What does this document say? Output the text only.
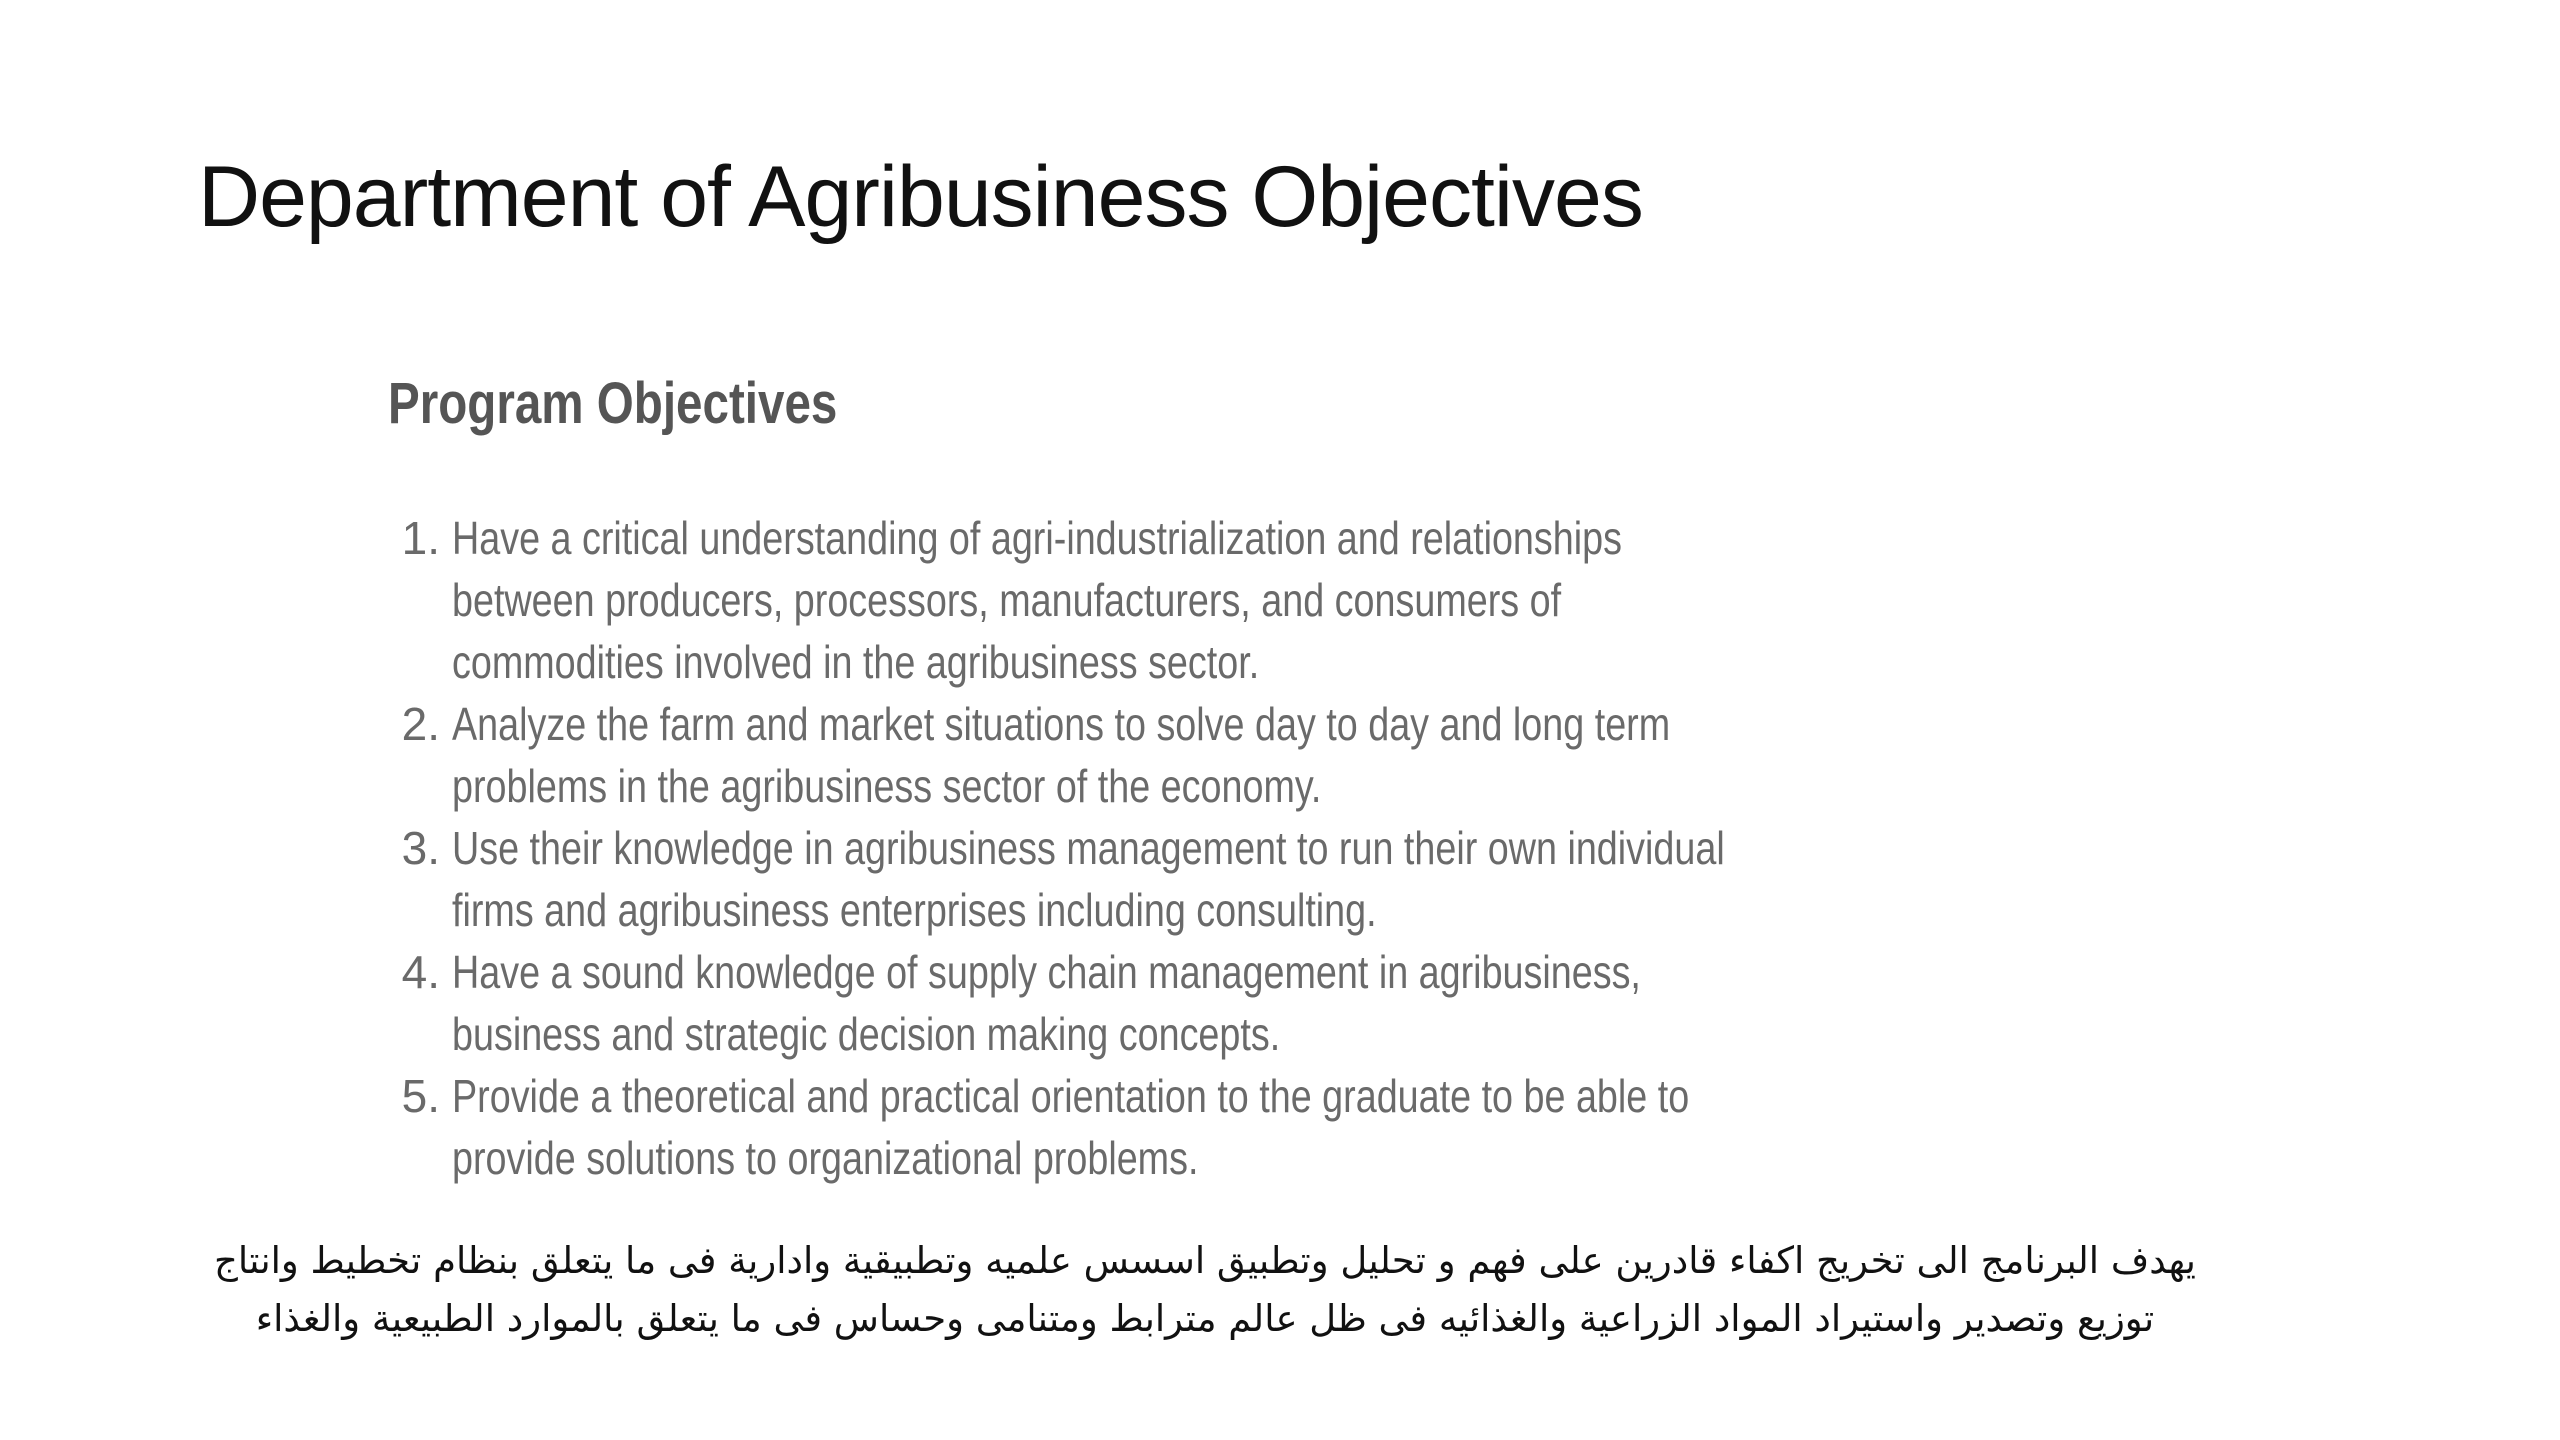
Department of Agribusiness Objectives
Program Objectives
1. Have a critical understanding of agri-industrialization and relationships between producers, processors, manufacturers, and consumers of commodities involved in the agribusiness sector.
2. Analyze the farm and market situations to solve day to day and long term problems in the agribusiness sector of the economy.
3. Use their knowledge in agribusiness management to run their own individual firms and agribusiness enterprises including consulting.
4. Have a sound knowledge of supply chain management in agribusiness, business and strategic decision making concepts.
5. Provide a theoretical and practical orientation to the graduate to be able to provide solutions to organizational problems.

يهدف البرنامج الى تخريج اكفاء قادرين على فهم و تحليل وتطبيق اسسس علميه وتطبيقية وادارية فى ما يتعلق بنظام تخطيط وانتاج
توزيع وتصدير واستيراد المواد الزراعية والغذائيه فى ظل عالم مترابط ومتنامى وحساس فى ما يتعلق بالموارد الطبيعية والغذاء
